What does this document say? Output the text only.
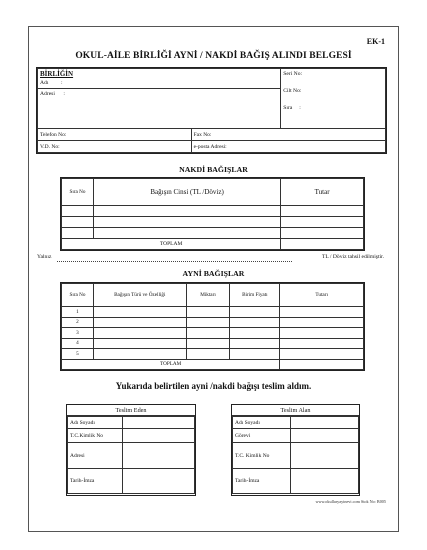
EK-1
OKUL-AİLE BİRLİĞİ AYNİ / NAKDİ BAĞIŞ ALINDI BELGESİ
BİRLİĞİN
Adı :
Adresi :		Seri No:
Cilt No:
Sıra :

Telefon No:	Fax No:	
V.D. No:	e-posta Adresi:	
NAKDİ BAĞIŞLAR
Sıra No	Bağışın Cinsi (TL /Döviz)	Tutar

TOPLAM		
Yalnız	TL / Döviz tahsil edilmiştir.
AYNİ BAĞIŞLAR
Sıra No	Bağışın Türü ve Özelliği	Miktarı	Birim Fiyatı	Tutarı
1				
2				
3				
4				
5				
TOPLAM				
Yukarıda belirtilen ayni /nakdi bağışı teslim aldım.
Teslim Eden
Adı Soyadı	
T.C.Kimlik No	
Adresi	
Tarih-İmza	
Teslim Alan
Adı Soyadı	
Görevi	
T.C. Kimlik No	
Tarih-İmza	
www.okullaryayinevi.com Stok No: B005
